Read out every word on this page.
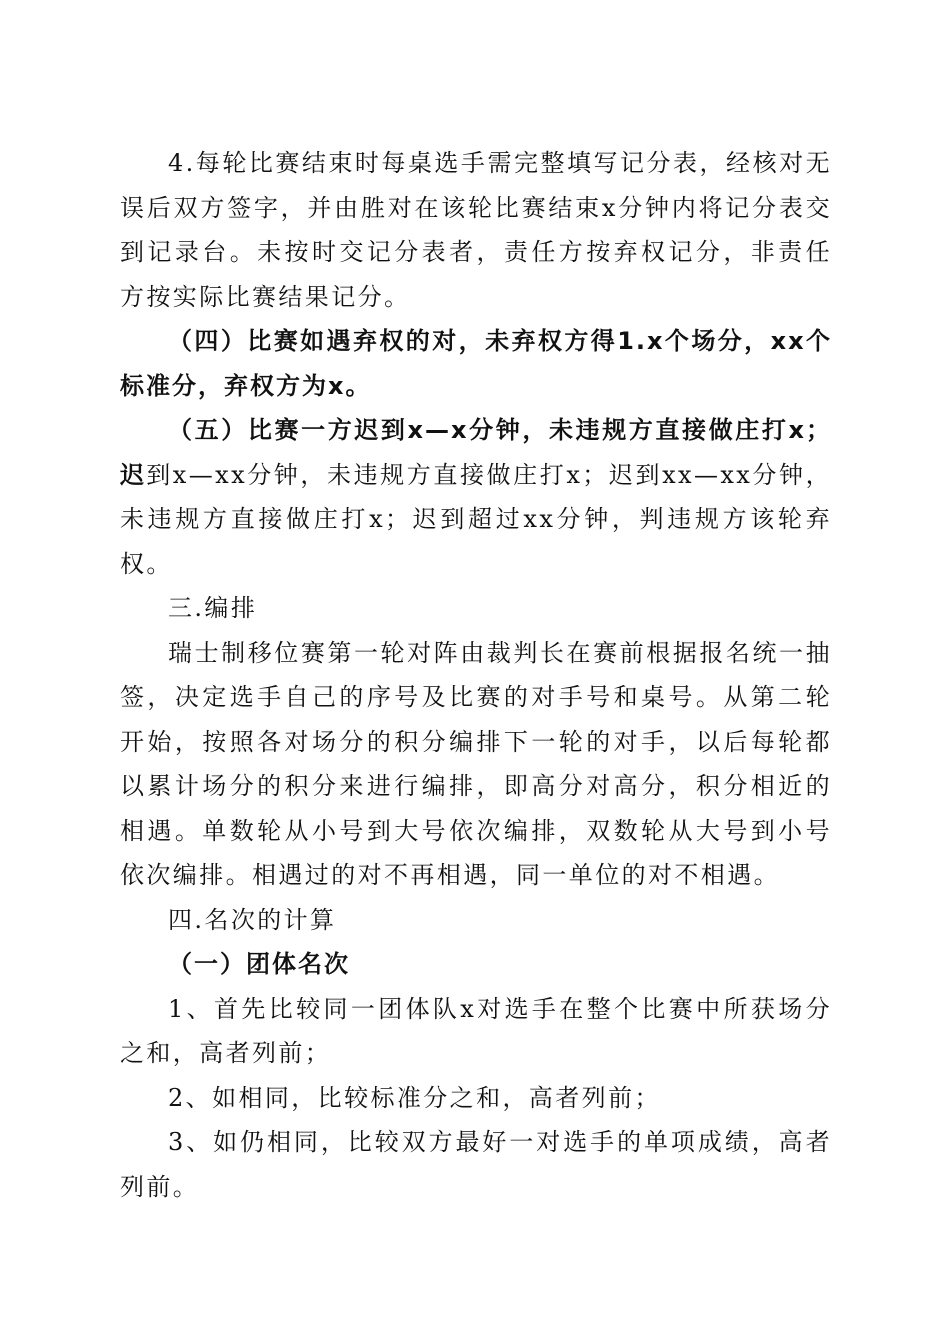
4.每轮比赛结束时每桌选手需完整填写记分表，经核对无误后双方签字，并由胜对在该轮比赛结束x分钟内将记分表交到记录台。未按时交记分表者，责任方按弃权记分，非责任方按实际比赛结果记分。

（四）比赛如遇弃权的对，未弃权方得1.x个场分，xx个标准分，弃权方为x。

（五）比赛一方迟到x—x分钟，未违规方直接做庄打x；迟到x—xx分钟，未违规方直接做庄打x；迟到xx—xx分钟，未违规方直接做庄打x；迟到超过xx分钟，判违规方该轮弃权。

三.编排

瑞士制移位赛第一轮对阵由裁判长在赛前根据报名统一抽签，决定选手自己的序号及比赛的对手号和桌号。从第二轮开始，按照各对场分的积分编排下一轮的对手，以后每轮都以累计场分的积分来进行编排，即高分对高分，积分相近的相遇。单数轮从小号到大号依次编排，双数轮从大号到小号依次编排。相遇过的对不再相遇，同一单位的对不相遇。

四.名次的计算

（一）团体名次

1、首先比较同一团体队x对选手在整个比赛中所获场分之和，高者列前；

2、如相同，比较标准分之和，高者列前；

3、如仍相同，比较双方最好一对选手的单项成绩，高者列前。
